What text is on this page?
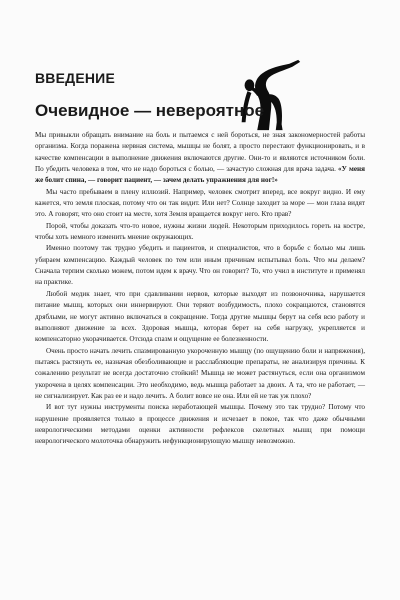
ВВЕДЕНИЕ
Очевидное — невероятное

Мы привыкли обращать внимание на боль и пытаемся с ней бороться, не зная закономерностей работы организма. Когда поражена нервная система, мышцы не болят, а просто перестают функционировать, и в качестве компенсации в выполнение движения включаются другие. Они-то и являются источником боли. По убедить человека в том, что не надо бороться с болью, — зачастую сложная для врача задача. «У меня же болит спина, — говорит пациент, — зачем делать упражнения для ног!»

Мы часто пребываем в плену иллюзий. Например, человек смотрит вперед, все вокруг видно. И ему кажется, что земля плоская, потому что он так видит. Или нет? Солнце заходит за море — мои глаза видят это. А говорят, что оно стоит на месте, хотя Земля вращается вокруг него. Кто прав?

Порой, чтобы доказать что-то новое, нужны жизни людей. Некоторым приходилось гореть на костре, чтобы хоть немного изменить мнение окружающих.

Именно поэтому так трудно убедить и пациентов, и специалистов, что в борьбе с болью мы лишь убираем компенсацию. Каждый человек по тем или иным причинам испытывал боль. Что мы делаем? Сначала терпим сколько можем, потом идем к врачу. Что он говорит? То, что учил в институте и применял на практике.

Любой медик знает, что при сдавливании нервов, которые выходят из позвоночника, нарушается питание мышц, которых они иннервируют. Они теряют возбудимость, плохо сокращаются, становятся дряблыми, не могут активно включаться в сокращение. Тогда другие мышцы берут на себя всю работу и выполняют движение за всех. Здоровая мышца, которая берет на себя нагрузку, укрепляется и компенсаторно укорачивается. Отсюда спазм и ощущение ее болезненности.

Очень просто начать лечить спазмированную укороченную мышцу (по ощущению боли и напряжения), пытаясь растянуть ее, назначая обезболивающие и расслабляющие препараты, не анализируя причины. К сожалению результат не всегда достаточно стойкий! Мышца не может растянуться, если она организмом укорочена в целях компенсации. Это необходимо, ведь мышца работает за двоих. А та, что не работает, — не сигнализирует. Как раз ее и надо лечить. А болит вовсе не она. Или ей не так уж плохо?

И вот тут нужны инструменты поиска неработающей мышцы. Почему это так трудно? Потому что нарушение проявляется только в процессе движения и исчезает в покое, так что даже обычными неврологическими методами оценки активности рефлексов скелетных мышц при помощи неврологического молоточка обнаружить нефункционирующую мышцу невозможно.
